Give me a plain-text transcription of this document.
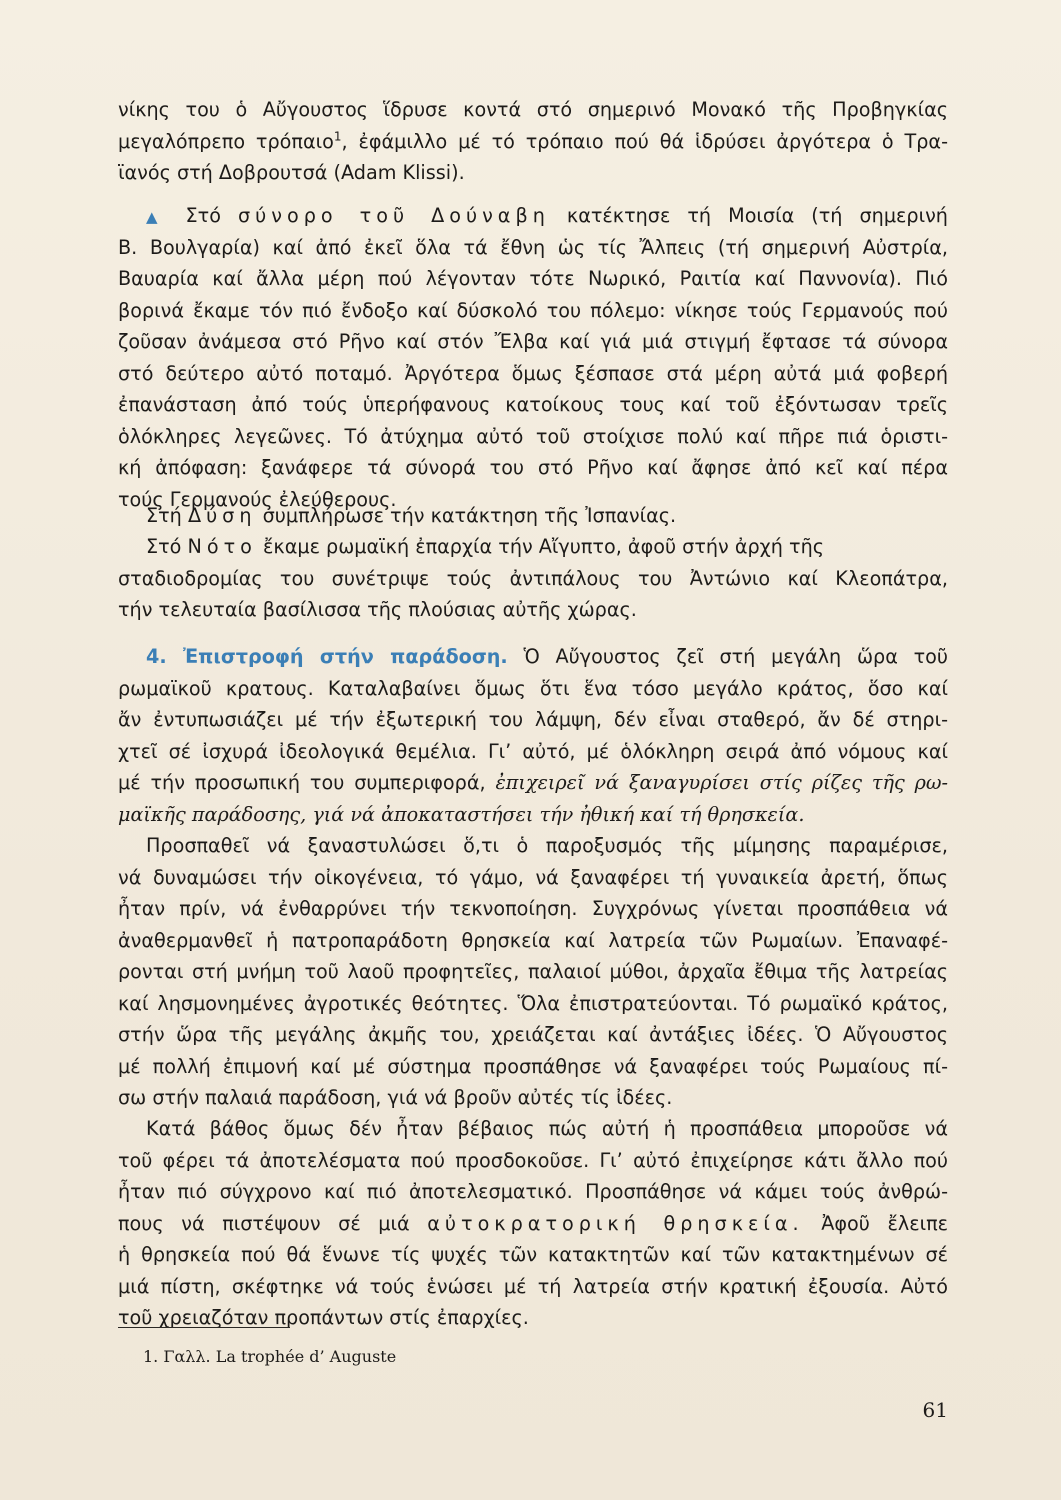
νίκης του ὁ Αὔγουστος ἵδρυσε κοντά στό σημερινό Μονακό τῆς Προβηγκίας
μεγαλόπρεπο τρόπαιο$^1$, ἐφάμιλλο μέ τό τρόπαιο πού θά ἱδρύσει ἀργότερα ὁ Τρα-
ϊανός στή Δοβρουτσά (Adam Klissi).
▲ Στό σύνορο τοῦ Δούναβη κατέκτησε τή Μοισία (τή σημερινή
Β. Βουλγαρία) καί ἀπό ἐκεῖ ὅλα τά ἔθνη ὡς τίς Ἄλπεις (τή σημερινή Αὐστρία,
Βαυαρία καί ἄλλα μέρη πού λέγονταν τότε Νωρικό, Ραιτία καί Παννονία). Πιό
βορινά ἔκαμε τόν πιό ἔνδοξο καί δύσκολό του πόλεμο: νίκησε τούς Γερμανούς πού
ζοῦσαν ἀνάμεσα στό Ρῆνο καί στόν Ἔλβα καί γιά μιά στιγμή ἔφτασε τά σύνορα
στό δεύτερο αὐτό ποταμό. Ἀργότερα ὅμως ξέσπασε στά μέρη αὐτά μιά φοβερή
ἐπανάσταση ἀπό τούς ὑπερήφανους κατοίκους τους καί τοῦ ἐξόντωσαν τρεῖς
ὁλόκληρες λεγεῶνες. Τό ἀτύχημα αὐτό τοῦ στοίχισε πολύ καί πῆρε πιά ὁριστι-
κή ἀπόφαση: ξανάφερε τά σύνορά του στό Ρῆνο καί ἄφησε ἀπό κεῖ καί πέρα
τούς Γερμανούς ἐλεύθερους.
Στή Δύση συμπλήρωσε τήν κατάκτηση τῆς Ἰσπανίας.
Στό Νότο ἔκαμε ρωμαϊκή ἐπαρχία τήν Αἴγυπτο, ἀφοῦ στήν ἀρχή τῆς
σταδιοδρομίας του συνέτριψε τούς ἀντιπάλους του Ἀντώνιο καί Κλεοπάτρα,
τήν τελευταία βασίλισσα τῆς πλούσιας αὐτῆς χώρας.
4. Ἐπιστροφή στήν παράδοση. Ὁ Αὔγουστος ζεῖ στή μεγάλη ὥρα τοῦ
ρωμαϊκοῦ κρατους. Καταλαβαίνει ὅμως ὅτι ἕνα τόσο μεγάλο κράτος, ὅσο καί
ἄν ἐντυπωσιάζει μέ τήν ἐξωτερική του λάμψη, δέν εἶναι σταθερό, ἄν δέ στηρι-
χτεῖ σέ ἰσχυρά ἰδεολογικά θεμέλια. Γι’ αὐτό, μέ ὁλόκληρη σειρά ἀπό νόμους καί
μέ τήν προσωπική του συμπεριφορά, ἐπιχειρεῖ νά ξαναγυρίσει στίς ρίζες τῆς ρω-
μαϊκῆς παράδοσης, γιά νά ἀποκαταστήσει τήν ἠθική καί τή θρησκεία.
Προσπαθεῖ νά ξαναστυλώσει ὅ,τι ὁ παροξυσμός τῆς μίμησης παραμέρισε,
νά δυναμώσει τήν οἰκογένεια, τό γάμο, νά ξαναφέρει τή γυναικεία ἀρετή, ὅπως
ἦταν πρίν, νά ἐνθαρρύνει τήν τεκνοποίηση. Συγχρόνως γίνεται προσπάθεια νά
ἀναθερμανθεῖ ἡ πατροπαράδοτη θρησκεία καί λατρεία τῶν Ρωμαίων. Ἐπαναφέ-
ρονται στή μνήμη τοῦ λαοῦ προφητεῖες, παλαιοί μύθοι, ἀρχαῖα ἔθιμα τῆς λατρείας
καί λησμονημένες ἀγροτικές θεότητες. Ὅλα ἐπιστρατεύονται. Τό ρωμαϊκό κράτος,
στήν ὥρα τῆς μεγάλης ἀκμῆς του, χρειάζεται καί ἀντάξιες ἰδέες. Ὁ Αὔγουστος
μέ πολλή ἐπιμονή καί μέ σύστημα προσπάθησε νά ξαναφέρει τούς Ρωμαίους πί-
σω στήν παλαιά παράδοση, γιά νά βροῦν αὐτές τίς ἰδέες.
Κατά βάθος ὅμως δέν ἦταν βέβαιος πώς αὐτή ἡ προσπάθεια μποροῦσε νά
τοῦ φέρει τά ἀποτελέσματα πού προσδοκοῦσε. Γι’ αὐτό ἐπιχείρησε κάτι ἄλλο πού
ἦταν πιό σύγχρονο καί πιό ἀποτελεσματικό. Προσπάθησε νά κάμει τούς ἀνθρώ-
πους νά πιστέψουν σέ μιά αὐτοκρατορική θρησκεία. Ἀφοῦ ἔλειπε
ἡ θρησκεία πού θά ἕνωνε τίς ψυχές τῶν κατακτητῶν καί τῶν κατακτημένων σέ
μιά πίστη, σκέφτηκε νά τούς ἑνώσει μέ τή λατρεία στήν κρατική ἐξουσία. Αὐτό
τοῦ χρειαζόταν προπάντων στίς ἐπαρχίες.
1. Γαλλ. La trophée d’ Auguste
61
